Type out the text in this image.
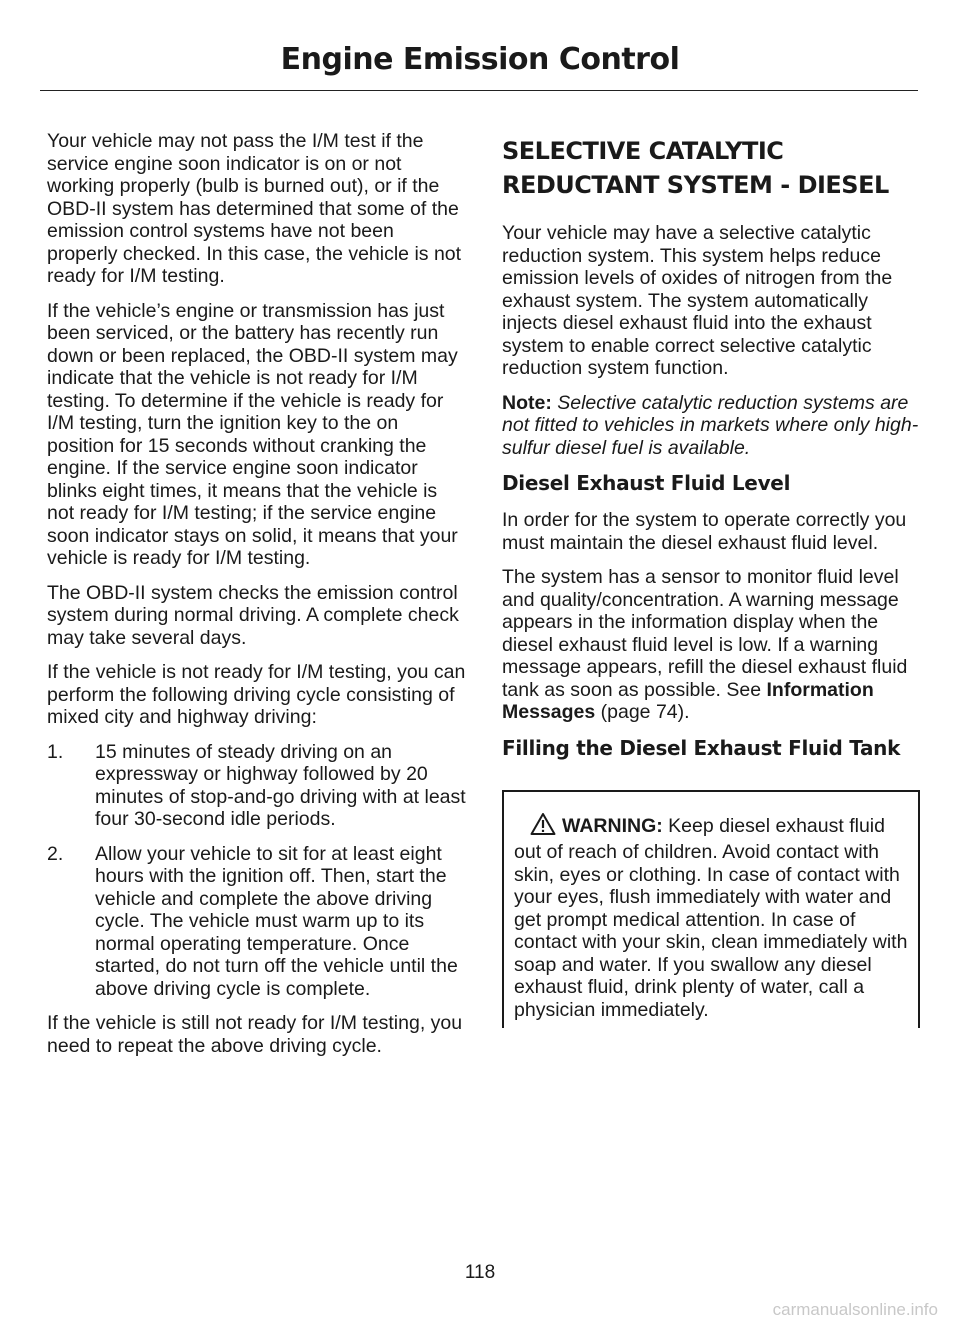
Engine Emission Control

Your vehicle may not pass the I/M test if the service engine soon indicator is on or not working properly (bulb is burned out), or if the OBD-II system has determined that some of the emission control systems have not been properly checked. In this case, the vehicle is not ready for I/M testing.

If the vehicle’s engine or transmission has just been serviced, or the battery has recently run down or been replaced, the OBD-II system may indicate that the vehicle is not ready for I/M testing. To determine if the vehicle is ready for I/M testing, turn the ignition key to the on position for 15 seconds without cranking the engine. If the service engine soon indicator blinks eight times, it means that the vehicle is not ready for I/M testing; if the service engine soon indicator stays on solid, it means that your vehicle is ready for I/M testing.

The OBD-II system checks the emission control system during normal driving. A complete check may take several days.

If the vehicle is not ready for I/M testing, you can perform the following driving cycle consisting of mixed city and highway driving:

1. 15 minutes of steady driving on an expressway or highway followed by 20 minutes of stop-and-go driving with at least four 30-second idle periods.
2. Allow your vehicle to sit for at least eight hours with the ignition off. Then, start the vehicle and complete the above driving cycle. The vehicle must warm up to its normal operating temperature. Once started, do not turn off the vehicle until the above driving cycle is complete.

If the vehicle is still not ready for I/M testing, you need to repeat the above driving cycle.

SELECTIVE CATALYTIC
REDUCTANT SYSTEM - DIESEL

Your vehicle may have a selective catalytic reduction system. This system helps reduce emission levels of oxides of nitrogen from the exhaust system. The system automatically injects diesel exhaust fluid into the exhaust system to enable correct selective catalytic reduction system function.

Note: Selective catalytic reduction systems are not fitted to vehicles in markets where only high-sulfur diesel fuel is available.

Diesel Exhaust Fluid Level

In order for the system to operate correctly you must maintain the diesel exhaust fluid level.

The system has a sensor to monitor fluid level and quality/concentration. A warning message appears in the information display when the diesel exhaust fluid level is low. If a warning message appears, refill the diesel exhaust fluid tank as soon as possible. See Information Messages (page 74).

Filling the Diesel Exhaust Fluid Tank
WARNING: Keep diesel exhaust fluid out of reach of children. Avoid contact with skin, eyes or clothing. In case of contact with your eyes, flush immediately with water and get prompt medical attention. In case of contact with your skin, clean immediately with soap and water. If you swallow any diesel exhaust fluid, drink plenty of water, call a physician immediately.
118
carmanualsonline.info
